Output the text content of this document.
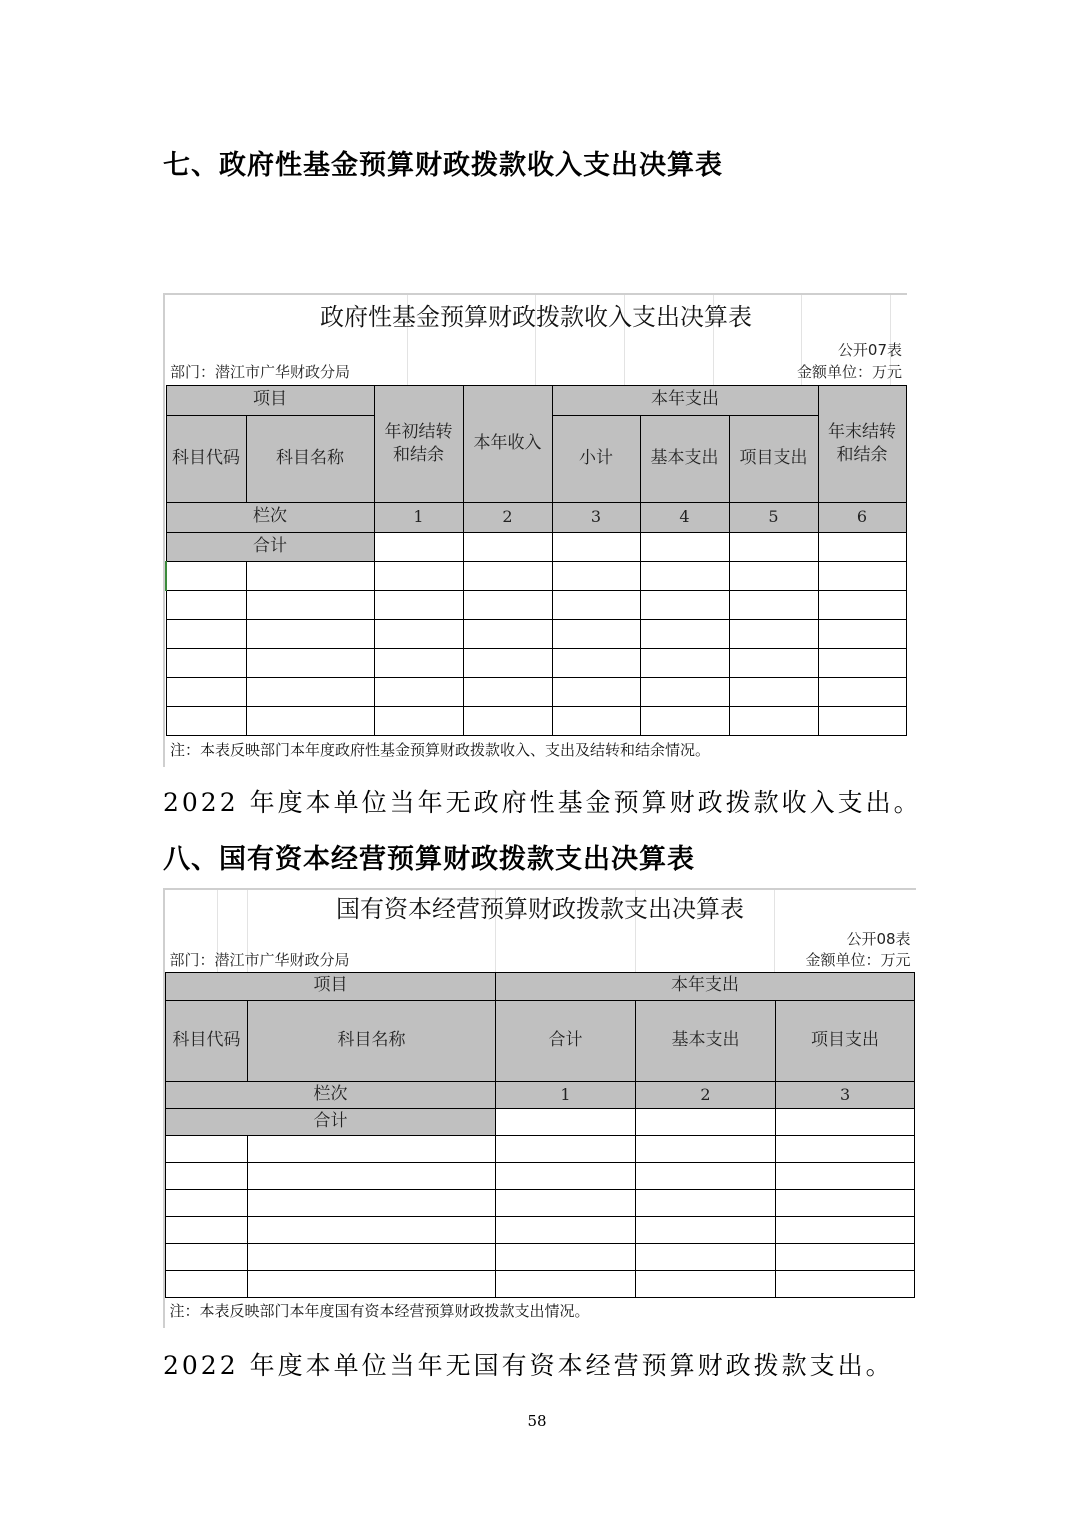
七、政府性基金预算财政拨款收入支出决算表
政府性基金预算财政拨款收入支出决算表							
公开07表							

部门：潜江市广华财政分局 金额单位：万元							

项目		年初结转和结余	本年收入	本年支出			年末结转和结余
科目代码	科目名称			小计	基本支出	项目支出	
栏次		1	2	3	4	5	6
合计							

注：本表反映部门本年度政府性基金预算财政拨款收入、支出及结转和结余情况。							

2022 年度本单位当年无政府性基金预算财政拨款收入支出。

八、国有资本经营预算财政拨款支出决算表
国有资本经营预算财政拨款支出决算表				
公开08表				

部门：潜江市广华财政分局 金额单位：万元				

项目		本年支出		
科目代码	科目名称	合计	基本支出	项目支出
栏次		1	2	3
合计				

注：本表反映部门本年度国有资本经营预算财政拨款支出情况。				

2022 年度本单位当年无国有资本经营预算财政拨款支出。

58
